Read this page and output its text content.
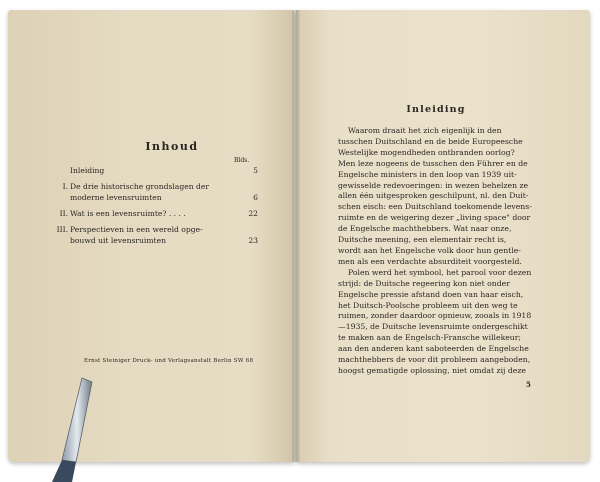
Inhoud
Blds.
Inleiding	5
I. De drie historische grondslagen der
moderne levensruimten	6
II. Wat is een levensruimte? . . . .	22
III. Perspectieven in een wereld opge-
bouwd uit levensruimten	23
Ernst Steiniger Druck- und Verlagsanstalt Berlin SW 68
Inleiding
Waarom draait het zich eigenlijk in den
tusschen Duitschland en de beide Europeesche
Westelijke mogendheden ontbranden oorlog?
Men leze nogeens de tusschen den Führer en de
Engelsche ministers in den loop van 1939 uit-
gewisselde redevoeringen: in wezen behelzen ze
allen één uitgesproken geschilpunt, nl. den Duit-
schen eisch: een Duitschland toekomende levens-
ruimte en de weigering dezer „living space" door
de Engelsche machthebbers. Wat naar onze,
Duitsche meening, een elementair recht is,
wordt aan het Engelsche volk door hun gentle-
men als een verdachte absurditeit voorgesteld.
Polen werd het symbool, het parool voor dezen
strijd: de Duitsche regeering kon niet onder
Engelsche pressie afstand doen van haar eisch,
het Duitsch-Poolsche probleem uit den weg te
ruimen, zonder daardoor opnieuw, zooals in 1918
—1935, de Duitsche levensruimte ondergeschikt
te maken aan de Engelsch-Fransche willekeur;
aan den anderen kant saboteerden de Engelsche
machthebbers de voor dit probleem aangeboden,
hoogst gematigde oplossing, niet omdat zij deze
5
